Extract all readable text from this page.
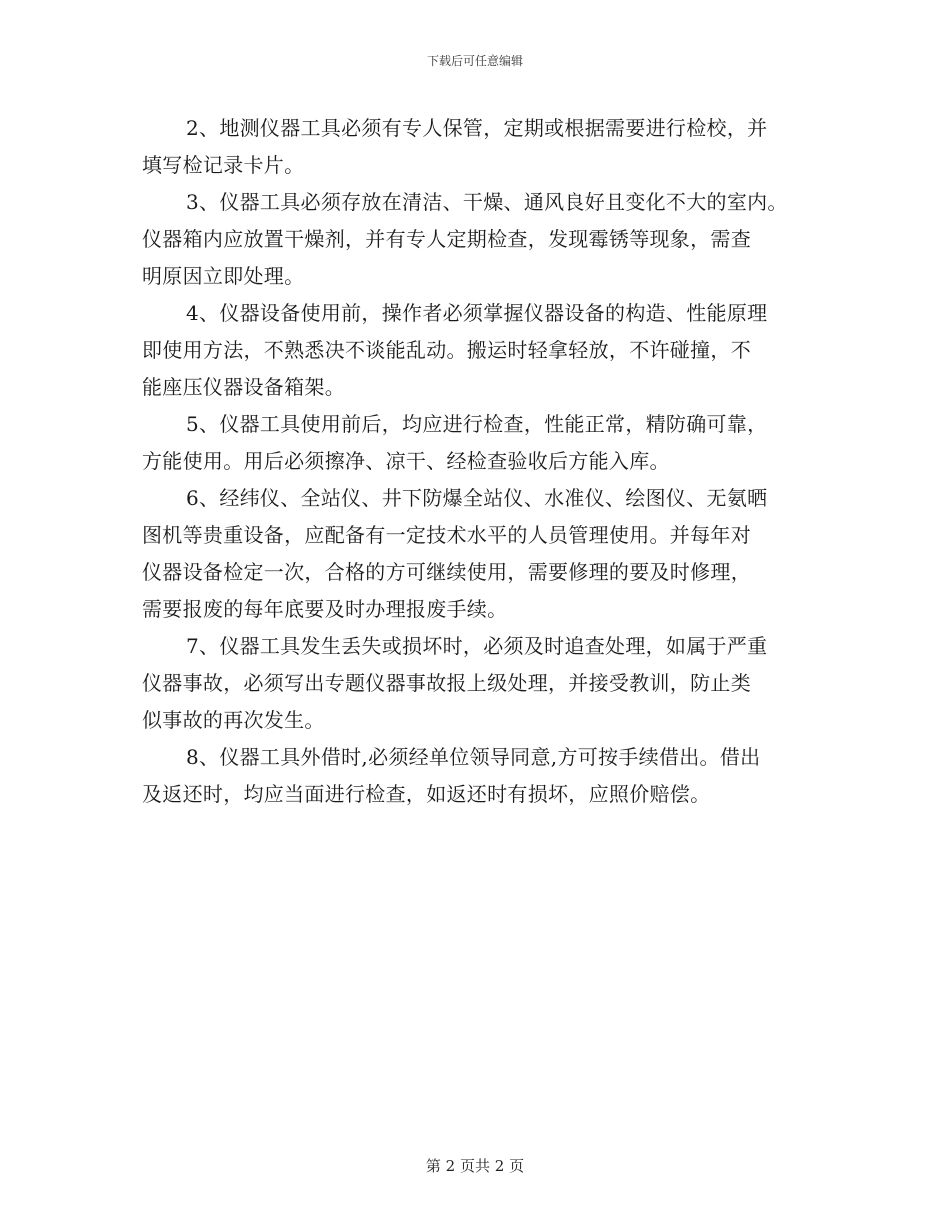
下载后可任意编辑
2、地测仪器工具必须有专人保管，定期或根据需要进行检校，并
填写检记录卡片。
3、仪器工具必须存放在清洁、干燥、通风良好且变化不大的室内。
仪器箱内应放置干燥剂，并有专人定期检查，发现霉锈等现象，需查
明原因立即处理。
4、仪器设备使用前，操作者必须掌握仪器设备的构造、性能原理
即使用方法，不熟悉决不谈能乱动。搬运时轻拿轻放，不许碰撞，不
能座压仪器设备箱架。
5、仪器工具使用前后，均应进行检查，性能正常，精防确可靠，
方能使用。用后必须擦净、凉干、经检查验收后方能入库。
6、经纬仪、全站仪、井下防爆全站仪、水准仪、绘图仪、无氨晒
图机等贵重设备，应配备有一定技术水平的人员管理使用。并每年对
仪器设备检定一次，合格的方可继续使用，需要修理的要及时修理，
需要报废的每年底要及时办理报废手续。
7、仪器工具发生丢失或损坏时，必须及时追查处理，如属于严重
仪器事故，必须写出专题仪器事故报上级处理，并接受教训，防止类
似事故的再次发生。
8、仪器工具外借时,必须经单位领导同意,方可按手续借出。借出
及返还时，均应当面进行检查，如返还时有损坏，应照价赔偿。
第 2 页共 2 页
